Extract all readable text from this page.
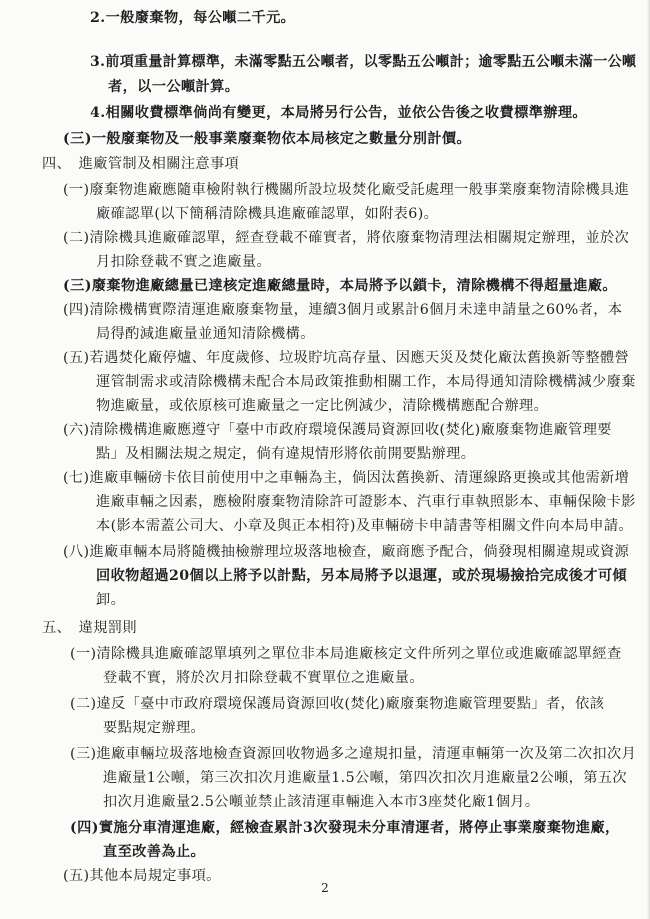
2.一般廢棄物，每公噸二千元。
3.前項重量計算標準，未滿零點五公噸者，以零點五公噸計；逾零點五公噸未滿一公噸
者，以一公噸計算。
4.相關收費標準倘尚有變更，本局將另行公告，並依公告後之收費標準辦理。
(三)一般廢棄物及一般事業廢棄物依本局核定之數量分別計價。
四、　進廠管制及相關注意事項
(一)廢棄物進廠應隨車檢附執行機關所設垃圾焚化廠受託處理一般事業廢棄物清除機具進
廠確認單(以下簡稱清除機具進廠確認單，如附表6)。
(二)清除機具進廠確認單，經查登載不確實者，將依廢棄物清理法相關規定辦理，並於次
月扣除登載不實之進廠量。
(三)廢棄物進廠總量已達核定進廠總量時，本局將予以鎖卡，清除機構不得超量進廠。
(四)清除機構實際清運進廠廢棄物量，連續3個月或累計6個月未達申請量之60%者，本
局得酌減進廠量並通知清除機構。
(五)若遇焚化廠停爐、年度歲修、垃圾貯坑高存量、因應天災及焚化廠汰舊換新等整體營
運管制需求或清除機構未配合本局政策推動相關工作，本局得通知清除機構減少廢棄
物進廠量，或依原核可進廠量之一定比例減少，清除機構應配合辦理。
(六)清除機構進廠應遵守「臺中市政府環境保護局資源回收(焚化)廠廢棄物進廠管理要
點」及相關法規之規定，倘有違規情形將依前開要點辦理。
(七)進廠車輛磅卡依目前使用中之車輛為主，倘因汰舊換新、清運線路更換或其他需新增
進廠車輛之因素，應檢附廢棄物清除許可證影本、汽車行車執照影本、車輛保險卡影
本(影本需蓋公司大、小章及與正本相符)及車輛磅卡申請書等相關文件向本局申請。
(八)進廠車輛本局將隨機抽檢辦理垃圾落地檢查，廠商應予配合，倘發現相關違規或資源
回收物超過20個以上將予以計點，另本局將予以退運，或於現場撿拾完成後才可傾
卸。
五、　違規罰則
(一)清除機具進廠確認單填列之單位非本局進廠核定文件所列之單位或進廠確認單經查
登載不實，將於次月扣除登載不實單位之進廠量。
(二)違反「臺中市政府環境保護局資源回收(焚化)廠廢棄物進廠管理要點」者，依該
要點規定辦理。
(三)進廠車輛垃圾落地檢查資源回收物過多之違規扣量，清運車輛第一次及第二次扣次月
進廠量1公噸，第三次扣次月進廠量1.5公噸，第四次扣次月進廠量2公噸，第五次
扣次月進廠量2.5公噸並禁止該清運車輛進入本市3座焚化廠1個月。
(四)實施分車清運進廠，經檢查累計3次發現未分車清運者，將停止事業廢棄物進廠，
直至改善為止。
(五)其他本局規定事項。
2
